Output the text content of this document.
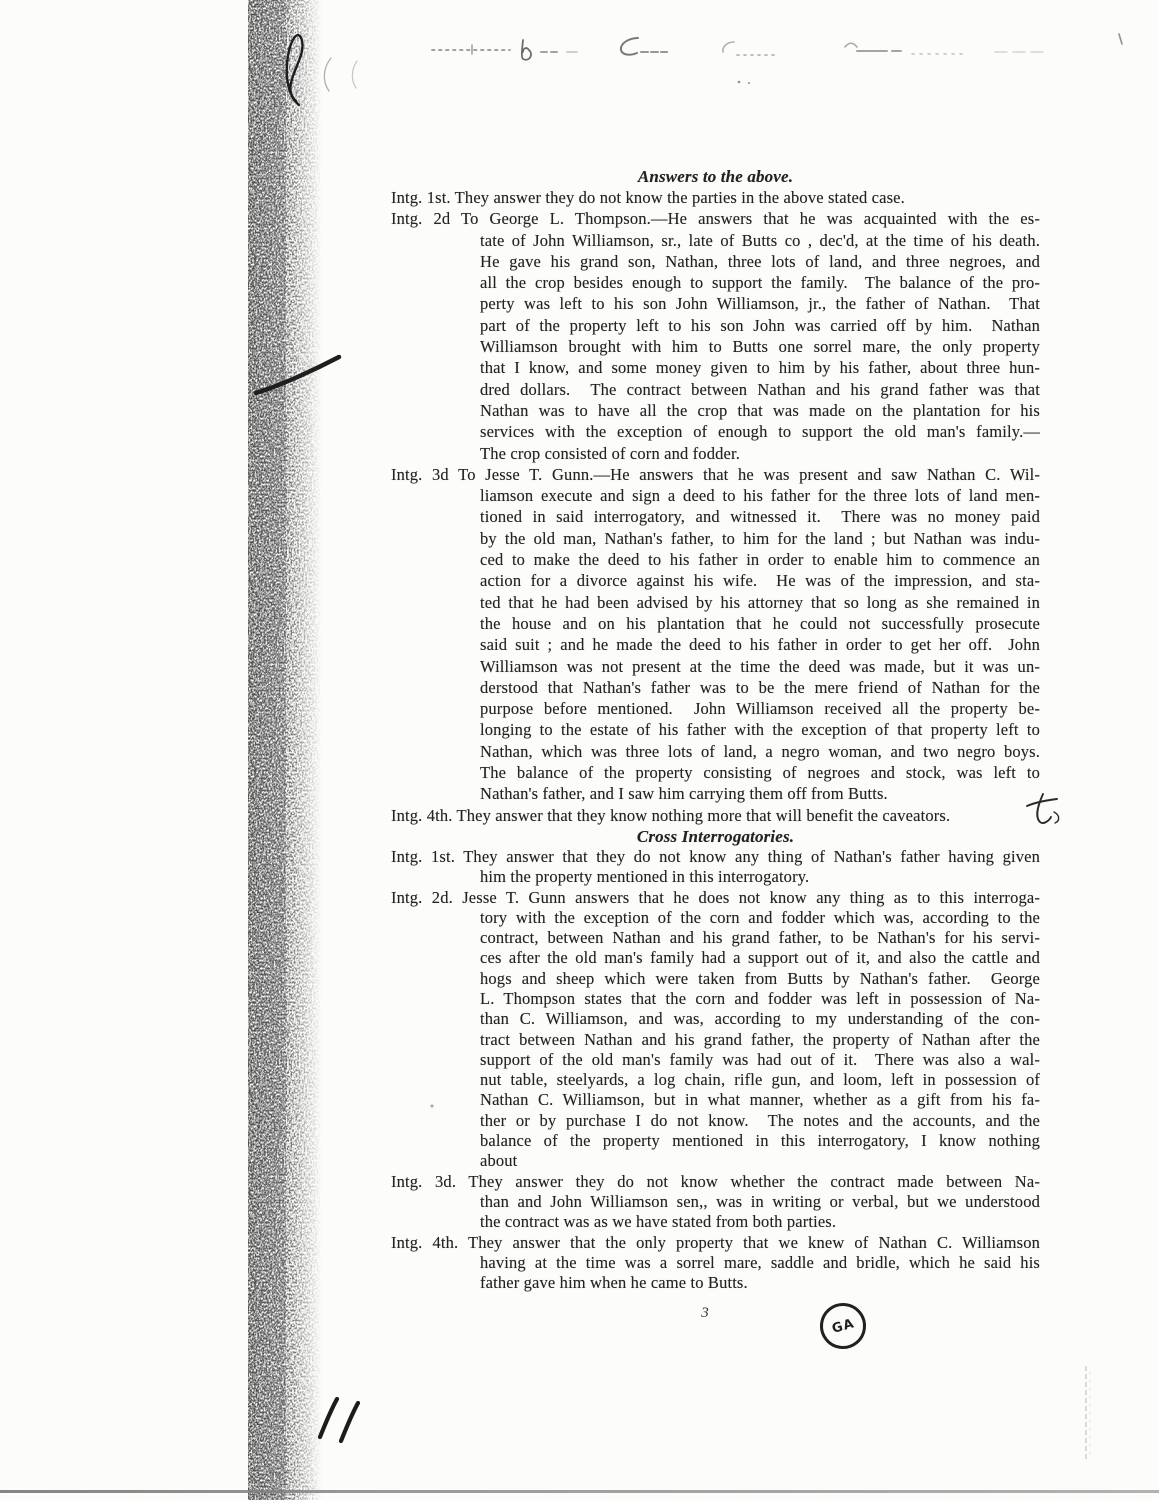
Answers to the above.
Intg. 1st. They answer they do not know the parties in the above stated case.
Intg. 2d To George L. Thompson.—He answers that he was acquainted with the es-
tate of John Williamson, sr., late of Butts co , dec'd, at the time of his death.
He gave his grand son, Nathan, three lots of land, and three negroes, and
all the crop besides enough to support the family.  The balance of the pro-
perty was left to his son John Williamson, jr., the father of Nathan.  That
part of the property left to his son John was carried off by him.  Nathan
Williamson brought with him to Butts one sorrel mare, the only property
that I know, and some money given to him by his father, about three hun-
dred dollars.  The contract between Nathan and his grand father was that
Nathan was to have all the crop that was made on the plantation for his
services with the exception of enough to support the old man's family.—
The crop consisted of corn and fodder.
Intg. 3d To Jesse T. Gunn.—He answers that he was present and saw Nathan C. Wil-
liamson execute and sign a deed to his father for the three lots of land men-
tioned in said interrogatory, and witnessed it.  There was no money paid
by the old man, Nathan's father, to him for the land ; but Nathan was indu-
ced to make the deed to his father in order to enable him to commence an
action for a divorce against his wife.  He was of the impression, and sta-
ted that he had been advised by his attorney that so long as she remained in
the house and on his plantation that he could not successfully prosecute
said suit ; and he made the deed to his father in order to get her off.  John
Williamson was not present at the time the deed was made, but it was un-
derstood that Nathan's father was to be the mere friend of Nathan for the
purpose before mentioned.  John Williamson received all the property be-
longing to the estate of his father with the exception of that property left to
Nathan, which was three lots of land, a negro woman, and two negro boys.
The balance of the property consisting of negroes and stock, was left to
Nathan's father, and I saw him carrying them off from Butts.
Intg. 4th. They answer that they know nothing more that will benefit the caveators.
Cross Interrogatories.
Intg. 1st. They answer that they do not know any thing of Nathan's father having given
him the property mentioned in this interrogatory.
Intg. 2d. Jesse T. Gunn answers that he does not know any thing as to this interroga-
tory with the exception of the corn and fodder which was, according to the
contract, between Nathan and his grand father, to be Nathan's for his servi-
ces after the old man's family had a support out of it, and also the cattle and
hogs and sheep which were taken from Butts by Nathan's father.  George
L. Thompson states that the corn and fodder was left in possession of Na-
than C. Williamson, and was, according to my understanding of the con-
tract between Nathan and his grand father, the property of Nathan after the
support of the old man's family was had out of it.  There was also a wal-
nut table, steelyards, a log chain, rifle gun, and loom, left in possession of
Nathan C. Williamson, but in what manner, whether as a gift from his fa-
ther or by purchase I do not know.  The notes and the accounts, and the
balance of the property mentioned in this interrogatory, I know nothing
about
Intg. 3d. They answer they do not know whether the contract made between Na-
than and John Williamson sen,, was in writing or verbal, but we understood
the contract was as we have stated from both parties.
Intg. 4th. They answer that the only property that we knew of Nathan C. Williamson
having at the time was a sorrel mare, saddle and bridle, which he said his
father gave him when he came to Butts.
3
GA
